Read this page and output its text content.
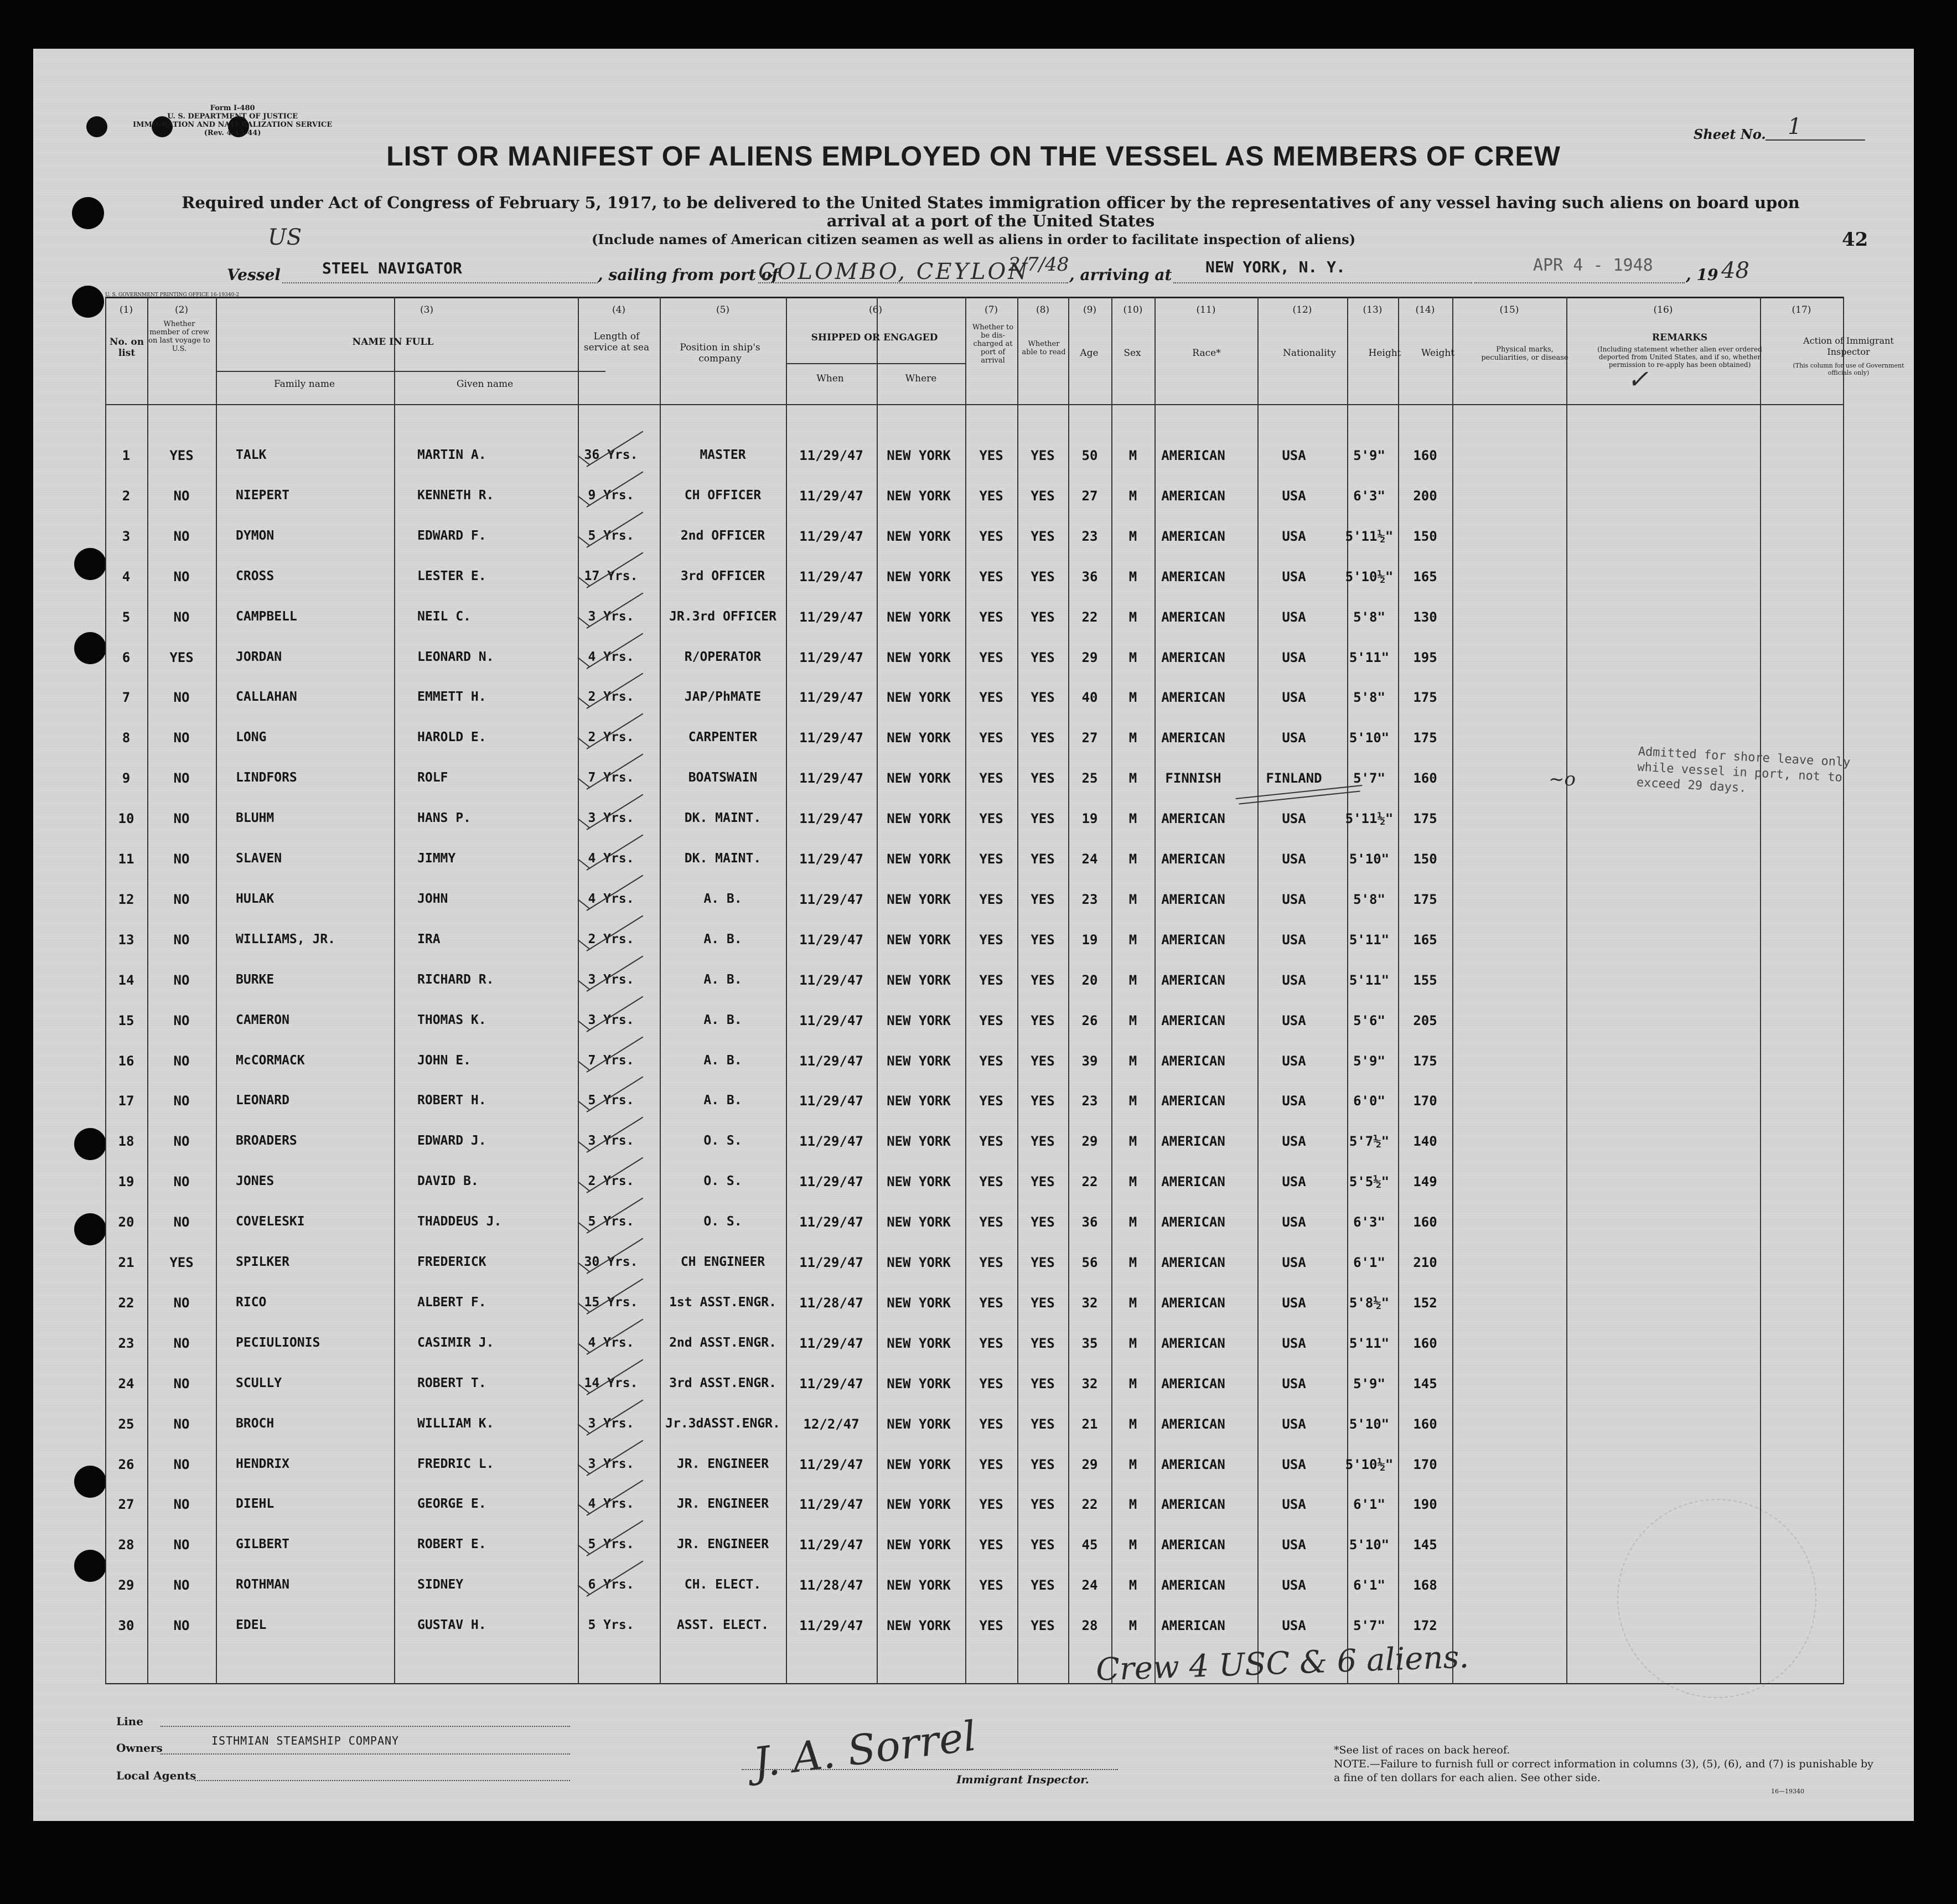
Form I-480
U. S. DEPARTMENT OF JUSTICE
IMMIGRATION AND NATURALIZATION SERVICE
(Rev. 4-15-44)	Sheet No. 1
LIST OR MANIFEST OF ALIENS EMPLOYED ON THE VESSEL AS MEMBERS OF CREW
Required under Act of Congress of February 5, 1917, to be delivered to the United States immigration officer by the representatives of any vessel having such aliens on board upon arrival at a port of the United States
(Include names of American citizen seamen as well as aliens in order to facilitate inspection of aliens)	42
Vessel
US
STEEL NAVIGATOR	, sailing from port of
COLOMBO, CEYLON
2/7/48 , arriving at NEW YORK, N. Y.	APR 4 - 1948 , 19 48
U. S. GOVERNMENT PRINTING OFFICE 16-19340-2
No. on list
Whether member of crew on last voyage to U.S.
NAME IN FULL
Family name	Given name
Length of service at sea	Position in ship's company
SHIPPED OR ENGAGED
When	Where
Whether to be dis-charged at port of arrival
Whether able to read	Age	Sex	Race*	Nationality	Height	Weight	Physical marks, peculiarities, or disease
REMARKS
(Including statement whether alien ever ordered deported from United States, and if so, whether permission to re-apply has been obtained)
Action of Immigrant Inspector
(This column for use of Government officials only)
(1)	(2)	(3)	(4)	(5)	(6)	(7)	(8)	(9)	(10)	(11)	(12)	(13)	(14)	(15)	(16)	(17)
1	YES	TALK	MARTIN A.	36 Yrs.	MASTER	11/29/47	NEW YORK	YES	YES	50	M	AMERICAN	USA	5'9"	160
2	NO	NIEPERT	KENNETH R.	9 Yrs.	CH OFFICER	11/29/47	NEW YORK	YES	YES	27	M	AMERICAN	USA	6'3"	200
3	NO	DYMON	EDWARD F.	5 Yrs.	2nd OFFICER	11/29/47	NEW YORK	YES	YES	23	M	AMERICAN	USA	5'11½"	150
4	NO	CROSS	LESTER E.	17 Yrs.	3rd OFFICER	11/29/47	NEW YORK	YES	YES	36	M	AMERICAN	USA	5'10½"	165
5	NO	CAMPBELL	NEIL C.	3 Yrs.	JR.3rd OFFICER	11/29/47	NEW YORK	YES	YES	22	M	AMERICAN	USA	5'8"	130
6	YES	JORDAN	LEONARD N.	4 Yrs.	R/OPERATOR	11/29/47	NEW YORK	YES	YES	29	M	AMERICAN	USA	5'11"	195
7	NO	CALLAHAN	EMMETT H.	2 Yrs.	JAP/PhMATE	11/29/47	NEW YORK	YES	YES	40	M	AMERICAN	USA	5'8"	175
8	NO	LONG	HAROLD E.	2 Yrs.	CARPENTER	11/29/47	NEW YORK	YES	YES	27	M	AMERICAN	USA	5'10"	175
9	NO	LINDFORS	ROLF	7 Yrs.	BOATSWAIN	11/29/47	NEW YORK	YES	YES	25	M	FINNISH	FINLAND	5'7"	160
10	NO	BLUHM	HANS P.	3 Yrs.	DK. MAINT.	11/29/47	NEW YORK	YES	YES	19	M	AMERICAN	USA	5'11½"	175
11	NO	SLAVEN	JIMMY	4 Yrs.	DK. MAINT.	11/29/47	NEW YORK	YES	YES	24	M	AMERICAN	USA	5'10"	150
12	NO	HULAK	JOHN	4 Yrs.	A. B.	11/29/47	NEW YORK	YES	YES	23	M	AMERICAN	USA	5'8"	175
13	NO	WILLIAMS, JR.	IRA	2 Yrs.	A. B.	11/29/47	NEW YORK	YES	YES	19	M	AMERICAN	USA	5'11"	165
14	NO	BURKE	RICHARD R.	3 Yrs.	A. B.	11/29/47	NEW YORK	YES	YES	20	M	AMERICAN	USA	5'11"	155
15	NO	CAMERON	THOMAS K.	3 Yrs.	A. B.	11/29/47	NEW YORK	YES	YES	26	M	AMERICAN	USA	5'6"	205
16	NO	McCORMACK	JOHN E.	7 Yrs.	A. B.	11/29/47	NEW YORK	YES	YES	39	M	AMERICAN	USA	5'9"	175
17	NO	LEONARD	ROBERT H.	5 Yrs.	A. B.	11/29/47	NEW YORK	YES	YES	23	M	AMERICAN	USA	6'0"	170
18	NO	BROADERS	EDWARD J.	3 Yrs.	O. S.	11/29/47	NEW YORK	YES	YES	29	M	AMERICAN	USA	5'7½"	140
19	NO	JONES	DAVID B.	2 Yrs.	O. S.	11/29/47	NEW YORK	YES	YES	22	M	AMERICAN	USA	5'5½"	149
20	NO	COVELESKI	THADDEUS J.	5 Yrs.	O. S.	11/29/47	NEW YORK	YES	YES	36	M	AMERICAN	USA	6'3"	160
21	YES	SPILKER	FREDERICK	30 Yrs.	CH ENGINEER	11/29/47	NEW YORK	YES	YES	56	M	AMERICAN	USA	6'1"	210
22	NO	RICO	ALBERT F.	15 Yrs.	1st ASST.ENGR.	11/28/47	NEW YORK	YES	YES	32	M	AMERICAN	USA	5'8½"	152
23	NO	PECIULIONIS	CASIMIR J.	4 Yrs.	2nd ASST.ENGR.	11/29/47	NEW YORK	YES	YES	35	M	AMERICAN	USA	5'11"	160
24	NO	SCULLY	ROBERT T.	14 Yrs.	3rd ASST.ENGR.	11/29/47	NEW YORK	YES	YES	32	M	AMERICAN	USA	5'9"	145
25	NO	BROCH	WILLIAM K.	3 Yrs.	Jr.3dASST.ENGR.	12/2/47	NEW YORK	YES	YES	21	M	AMERICAN	USA	5'10"	160
26	NO	HENDRIX	FREDRIC L.	3 Yrs.	JR. ENGINEER	11/29/47	NEW YORK	YES	YES	29	M	AMERICAN	USA	5'10½"	170
27	NO	DIEHL	GEORGE E.	4 Yrs.	JR. ENGINEER	11/29/47	NEW YORK	YES	YES	22	M	AMERICAN	USA	6'1"	190
28	NO	GILBERT	ROBERT E.	5 Yrs.	JR. ENGINEER	11/29/47	NEW YORK	YES	YES	45	M	AMERICAN	USA	5'10"	145
29	NO	ROTHMAN	SIDNEY	6 Yrs.	CH. ELECT.	11/28/47	NEW YORK	YES	YES	24	M	AMERICAN	USA	6'1"	168
30	NO	EDEL	GUSTAV H.	5 Yrs.	ASST. ELECT.	11/29/47	NEW YORK	YES	YES	28	M	AMERICAN	USA	5'7"	172
✓
~o
Admitted for shore leave only while vessel in port, not to exceed 29 days.
Crew 4 USC & 6 aliens.
Line
Owners
ISTHMIAN STEAMSHIP COMPANY
Local Agents	J. A. Sorrel
Immigrant Inspector.
*See list of races on back hereof.
NOTE.—Failure to furnish full or correct information in columns (3), (5), (6), and (7) is punishable by a fine of ten dollars for each alien. See other side.
16—19340
